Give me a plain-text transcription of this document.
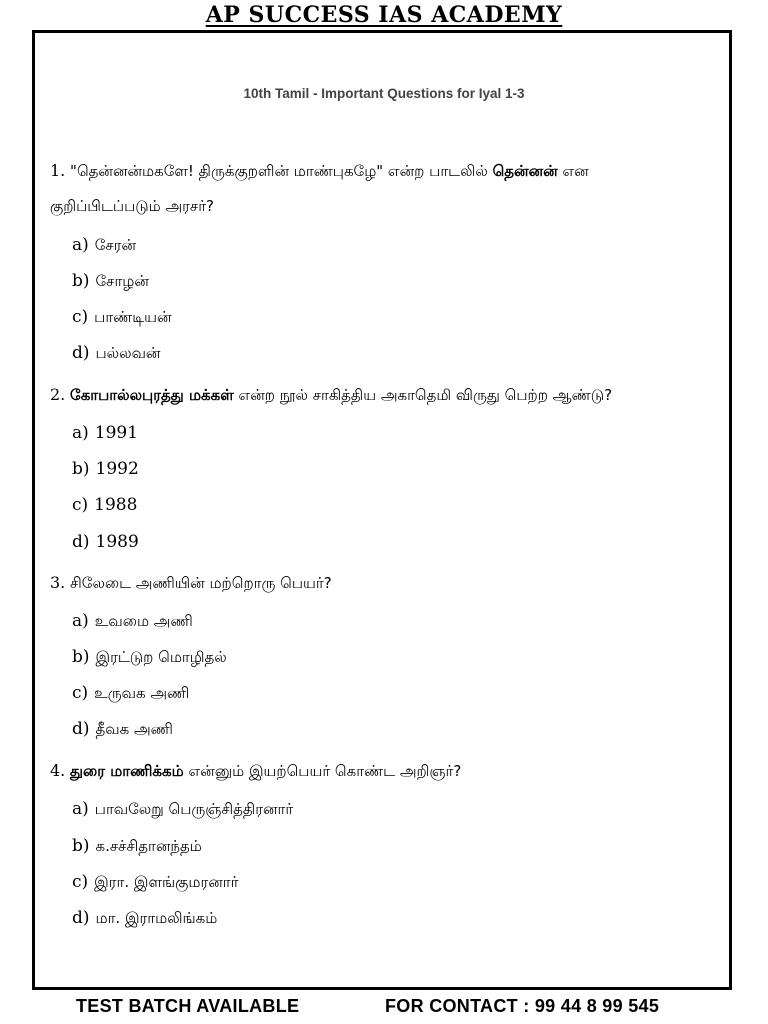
AP SUCCESS IAS ACADEMY
10th Tamil - Important Questions for Iyal 1-3
1. "தென்னன்மகளே! திருக்குறளின் மாண்புகழே" என்ற பாடலில் தென்னன் என
குறிப்பிடப்படும் அரசர்?
a) சேரன்
b) சோழன்
c) பாண்டியன்
d) பல்லவன்
2. கோபால்லபுரத்து மக்கள் என்ற நூல் சாகித்திய அகாதெமி விருது பெற்ற ஆண்டு?
a) 1991
b) 1992
c) 1988
d) 1989
3. சிலேடை அணியின் மற்றொரு பெயர்?
a) உவமை அணி
b) இரட்டுற மொழிதல்
c) உருவக அணி
d) தீவக அணி
4. துரை மாணிக்கம் என்னும் இயற்பெயர் கொண்ட அறிஞர்?
a) பாவலேறு பெருஞ்சித்திரனார்
b) க.சச்சிதானந்தம்
c) இரா. இளங்குமரனார்
d) மா. இராமலிங்கம்
TEST BATCH AVAILABLE	FOR CONTACT : 99 44 8 99 545
